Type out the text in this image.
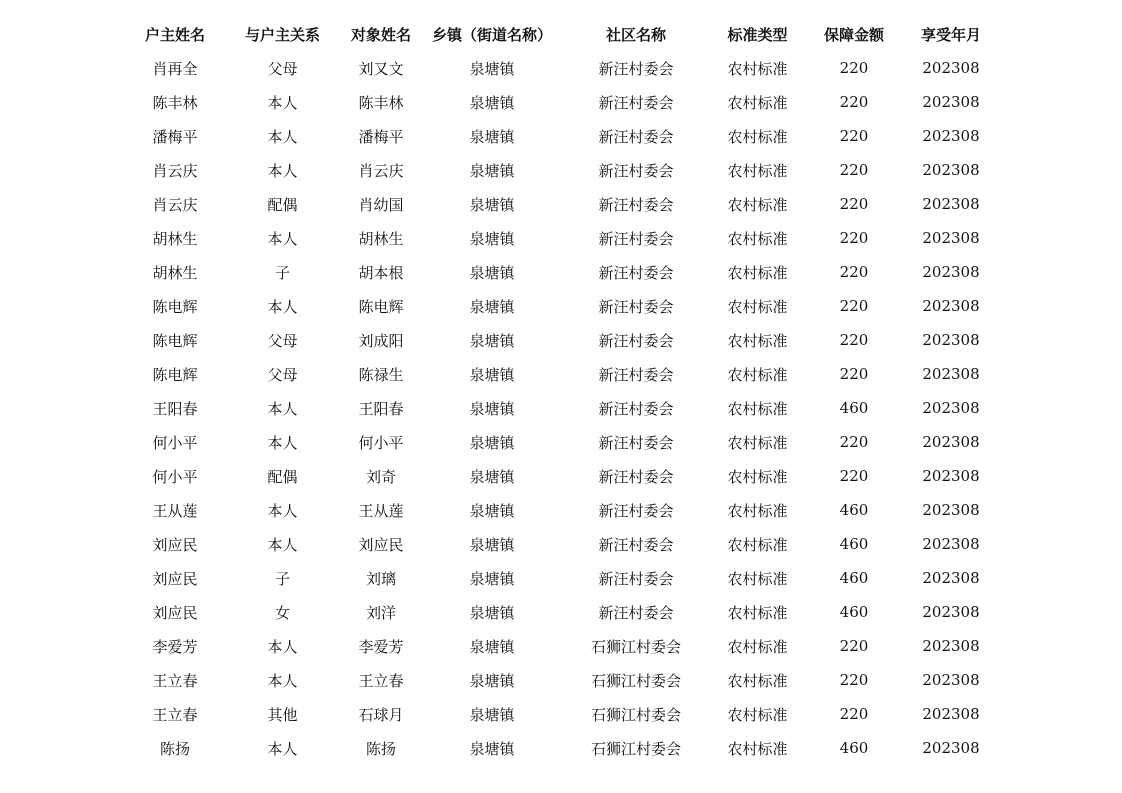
户主姓名	与户主关系	对象姓名	乡镇（街道名称）	社区名称	标准类型	保障金额	享受年月
肖再全	父母	刘又文	泉塘镇	新汪村委会	农村标准	220	202308
陈丰林	本人	陈丰林	泉塘镇	新汪村委会	农村标准	220	202308
潘梅平	本人	潘梅平	泉塘镇	新汪村委会	农村标准	220	202308
肖云庆	本人	肖云庆	泉塘镇	新汪村委会	农村标准	220	202308
肖云庆	配偶	肖幼国	泉塘镇	新汪村委会	农村标准	220	202308
胡林生	本人	胡林生	泉塘镇	新汪村委会	农村标准	220	202308
胡林生	子	胡本根	泉塘镇	新汪村委会	农村标准	220	202308
陈电辉	本人	陈电辉	泉塘镇	新汪村委会	农村标准	220	202308
陈电辉	父母	刘成阳	泉塘镇	新汪村委会	农村标准	220	202308
陈电辉	父母	陈禄生	泉塘镇	新汪村委会	农村标准	220	202308
王阳春	本人	王阳春	泉塘镇	新汪村委会	农村标准	460	202308
何小平	本人	何小平	泉塘镇	新汪村委会	农村标准	220	202308
何小平	配偶	刘奇	泉塘镇	新汪村委会	农村标准	220	202308
王从莲	本人	王从莲	泉塘镇	新汪村委会	农村标准	460	202308
刘应民	本人	刘应民	泉塘镇	新汪村委会	农村标准	460	202308
刘应民	子	刘璃	泉塘镇	新汪村委会	农村标准	460	202308
刘应民	女	刘洋	泉塘镇	新汪村委会	农村标准	460	202308
李爱芳	本人	李爱芳	泉塘镇	石狮江村委会	农村标准	220	202308
王立春	本人	王立春	泉塘镇	石狮江村委会	农村标准	220	202308
王立春	其他	石球月	泉塘镇	石狮江村委会	农村标准	220	202308
陈扬	本人	陈扬	泉塘镇	石狮江村委会	农村标准	460	202308
